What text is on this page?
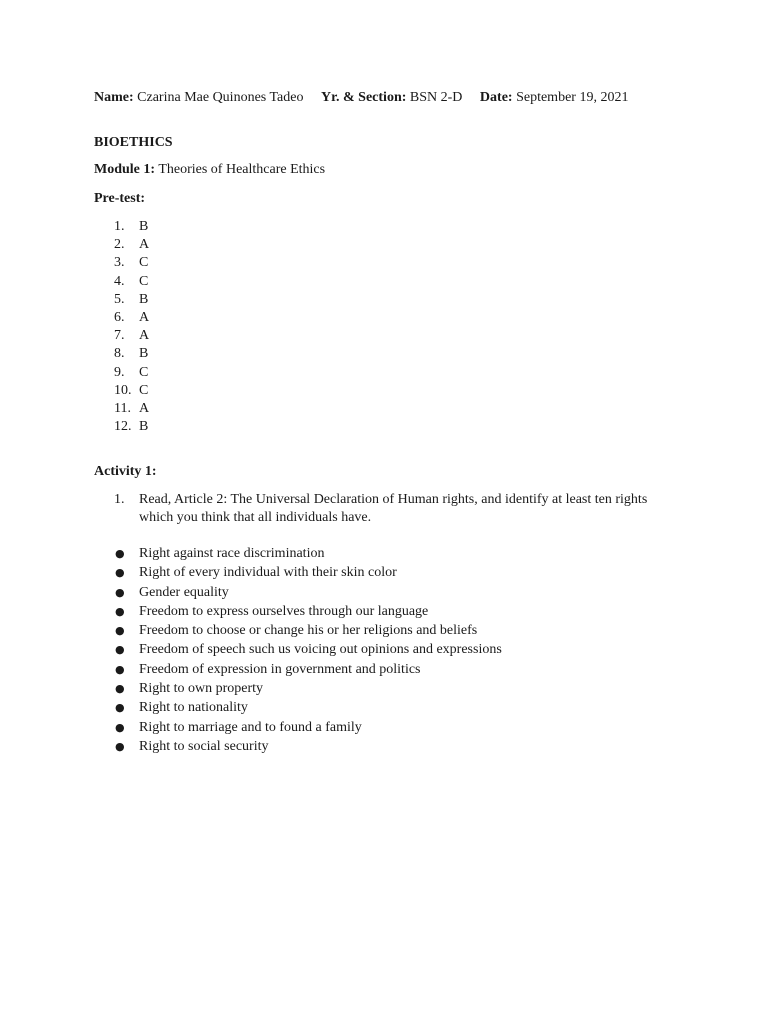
Name: Czarina Mae Quinones Tadeo Yr. & Section: BSN 2-D Date: September 19, 2021
BIOETHICS
Module 1: Theories of Healthcare Ethics
Pre-test:
1. B
2. A
3. C
4. C
5. B
6. A
7. A
8. B
9. C
10. C
11. A
12. B
Activity 1:
1. Read, Article 2: The Universal Declaration of Human rights, and identify at least ten rights which you think that all individuals have.
● Right against race discrimination
● Right of every individual with their skin color
● Gender equality
● Freedom to express ourselves through our language
● Freedom to choose or change his or her religions and beliefs
● Freedom of speech such us voicing out opinions and expressions
● Freedom of expression in government and politics
● Right to own property
● Right to nationality
● Right to marriage and to found a family
● Right to social security
